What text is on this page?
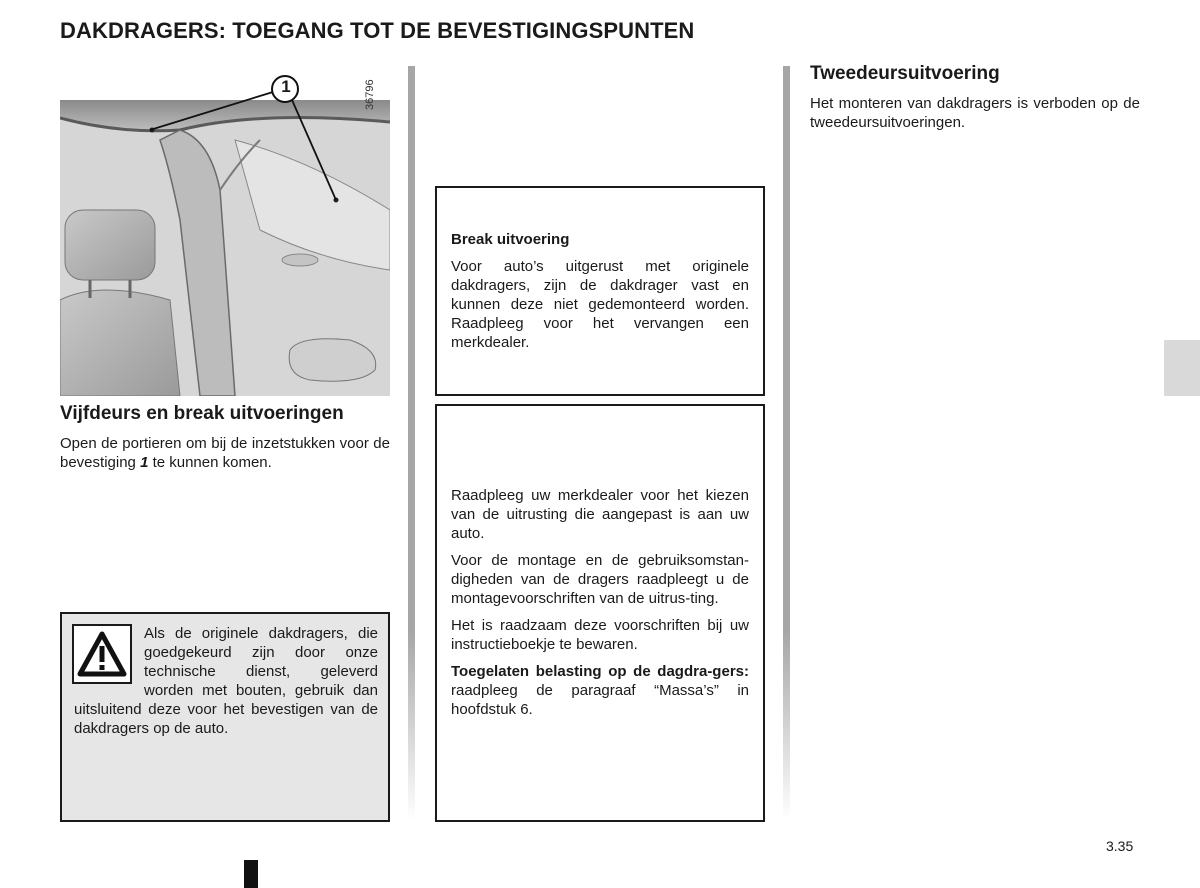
DAKDRAGERS: TOEGANG TOT DE BEVESTIGINGSPUNTEN
1	36796
Vijfdeurs en break uitvoeringen
Open de portieren om bij de inzetstukken voor de bevestiging 1 te kunnen komen.
Als de originele dakdragers, die goedgekeurd zijn door onze technische dienst, geleverd worden met bouten, gebruik dan uitsluitend deze voor het bevestigen van de dakdragers op de auto.

Break uitvoering

Voor auto’s uitgerust met originele dakdragers, zijn de dakdrager vast en kunnen deze niet gedemonteerd worden. Raadpleeg voor het vervangen een merkdealer.

Raadpleeg uw merkdealer voor het kiezen van de uitrusting die aangepast is aan uw auto.

Voor de montage en de gebruiksomstan-digheden van de dragers raadpleegt u de montagevoorschriften van de uitrus-ting.

Het is raadzaam deze voorschriften bij uw instructieboekje te bewaren.

Toegelaten belasting op de dagdra-gers: raadpleeg de paragraaf “Massa’s” in hoofdstuk 6.

Tweedeursuitvoering
Het monteren van dakdragers is verboden op de tweedeursuitvoeringen.
3.35
